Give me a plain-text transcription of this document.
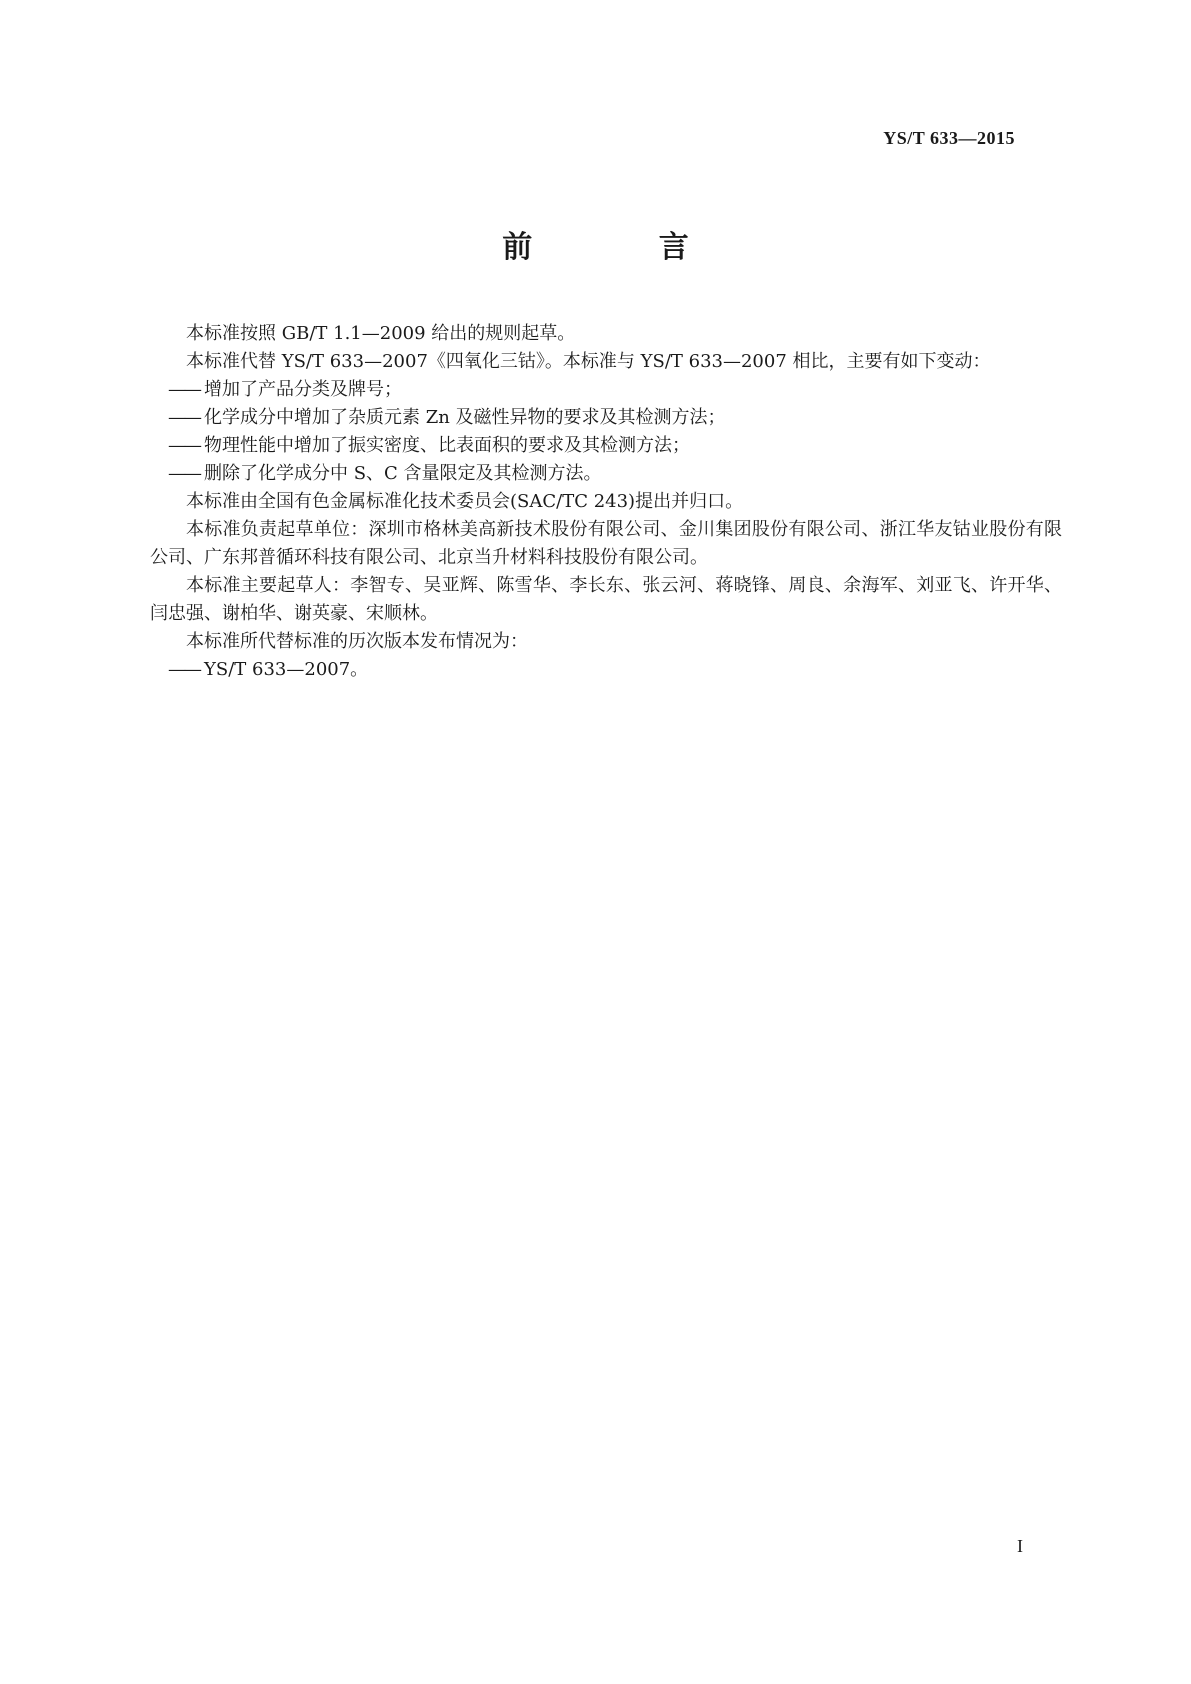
YS/T 633—2015
前 言

本标准按照 GB/T 1.1—2009 给出的规则起草。

本标准代替 YS/T 633—2007《四氧化三钴》。本标准与 YS/T 633—2007 相比，主要有如下变动：

—— 增加了产品分类及牌号；

—— 化学成分中增加了杂质元素 Zn 及磁性异物的要求及其检测方法；

—— 物理性能中增加了振实密度、比表面积的要求及其检测方法；

—— 删除了化学成分中 S、C 含量限定及其检测方法。

本标准由全国有色金属标准化技术委员会(SAC/TC 243)提出并归口。

本标准负责起草单位：深圳市格林美高新技术股份有限公司、金川集团股份有限公司、浙江华友钴业股份有限公司、广东邦普循环科技有限公司、北京当升材料科技股份有限公司。

本标准主要起草人：李智专、吴亚辉、陈雪华、李长东、张云河、蒋晓锋、周良、余海军、刘亚飞、许开华、闫忠强、谢柏华、谢英豪、宋顺林。

本标准所代替标准的历次版本发布情况为：

—— YS/T 633—2007。

I
